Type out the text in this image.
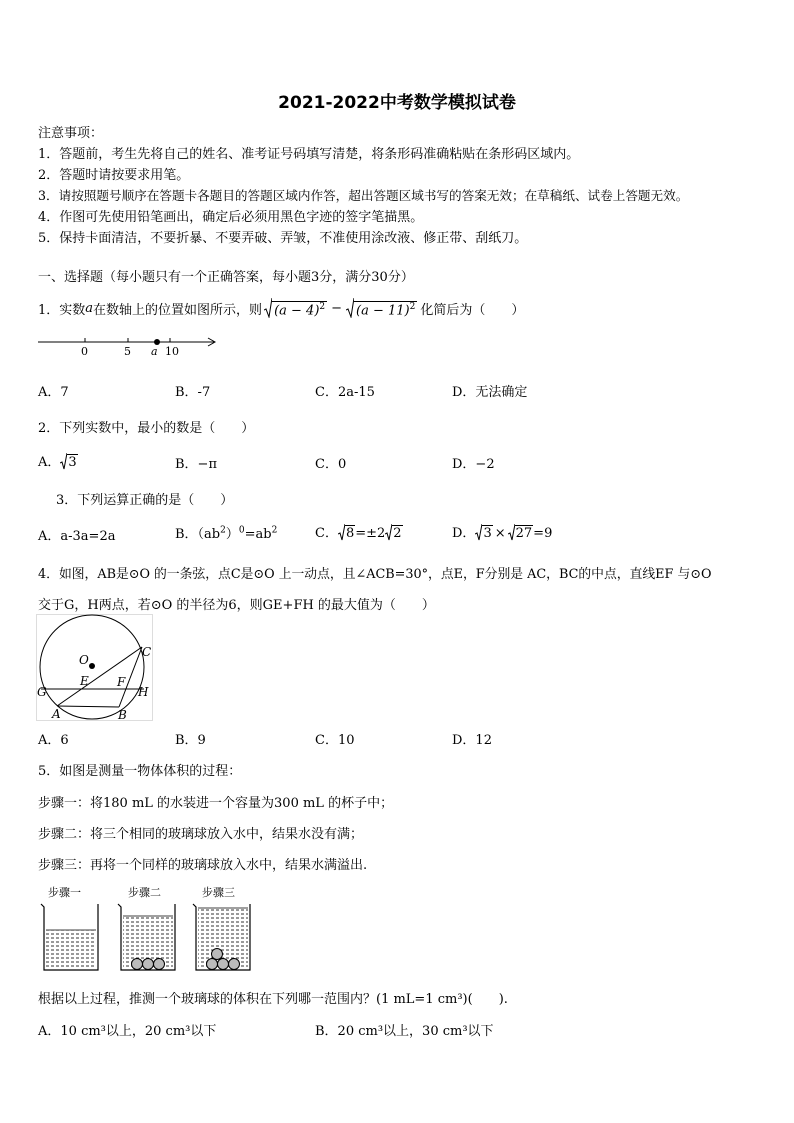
2021-2022中考数学模拟试卷
注意事项：
1．答题前，考生先将自己的姓名、准考证号码填写清楚，将条形码准确粘贴在条形码区域内。
2．答题时请按要求用笔。
3．请按照题号顺序在答题卡各题目的答题区域内作答，超出答题区域书写的答案无效；在草稿纸、试卷上答题无效。
4．作图可先使用铅笔画出，确定后必须用黑色字迹的签字笔描黑。
5．保持卡面清洁，不要折暴、不要弄破、弄皱，不准使用涂改液、修正带、刮纸刀。
一、选择题（每小题只有一个正确答案，每小题3分，满分30分）
1．实数 a 在数轴上的位置如图所示，则 $(a - 4)^2 - (a - 11)^2$ 化简后为（　　）
0	5 a 10
A．7	B．-7	C．2a-15	D．无法确定
2．下列实数中，最小的数是（　　）
A． 3	B．−π	C．0	D．−2
3．下列运算正确的是（　　）
A．a-3a=2a	B．$(ab^2)^0=ab^2$	C． 8 =±2 2	D． 3 × 27 =9
4．如图，AB是⊙O 的一条弦，点C是⊙O 上一动点，且∠ACB=30°，点E，F分别是 AC，BC的中点，直线EF 与⊙O
交于G，H两点，若⊙O 的半径为6，则GE+FH 的最大值为（　　）
O
C
E F
G	H
A	B
A．6	B．9	C．10	D．12
5．如图是测量一物体体积的过程：
步骤一：将180 mL 的水装进一个容量为300 mL 的杯子中；
步骤二：将三个相同的玻璃球放入水中，结果水没有满；
步骤三：再将一个同样的玻璃球放入水中，结果水满溢出.
步骤一	步骤二	步骤三
根据以上过程，推测一个玻璃球的体积在下列哪一范围内？(1 mL=1 cm³)(　　).
A．10 cm³以上，20 cm³以下	B．20 cm³以上，30 cm³以下
